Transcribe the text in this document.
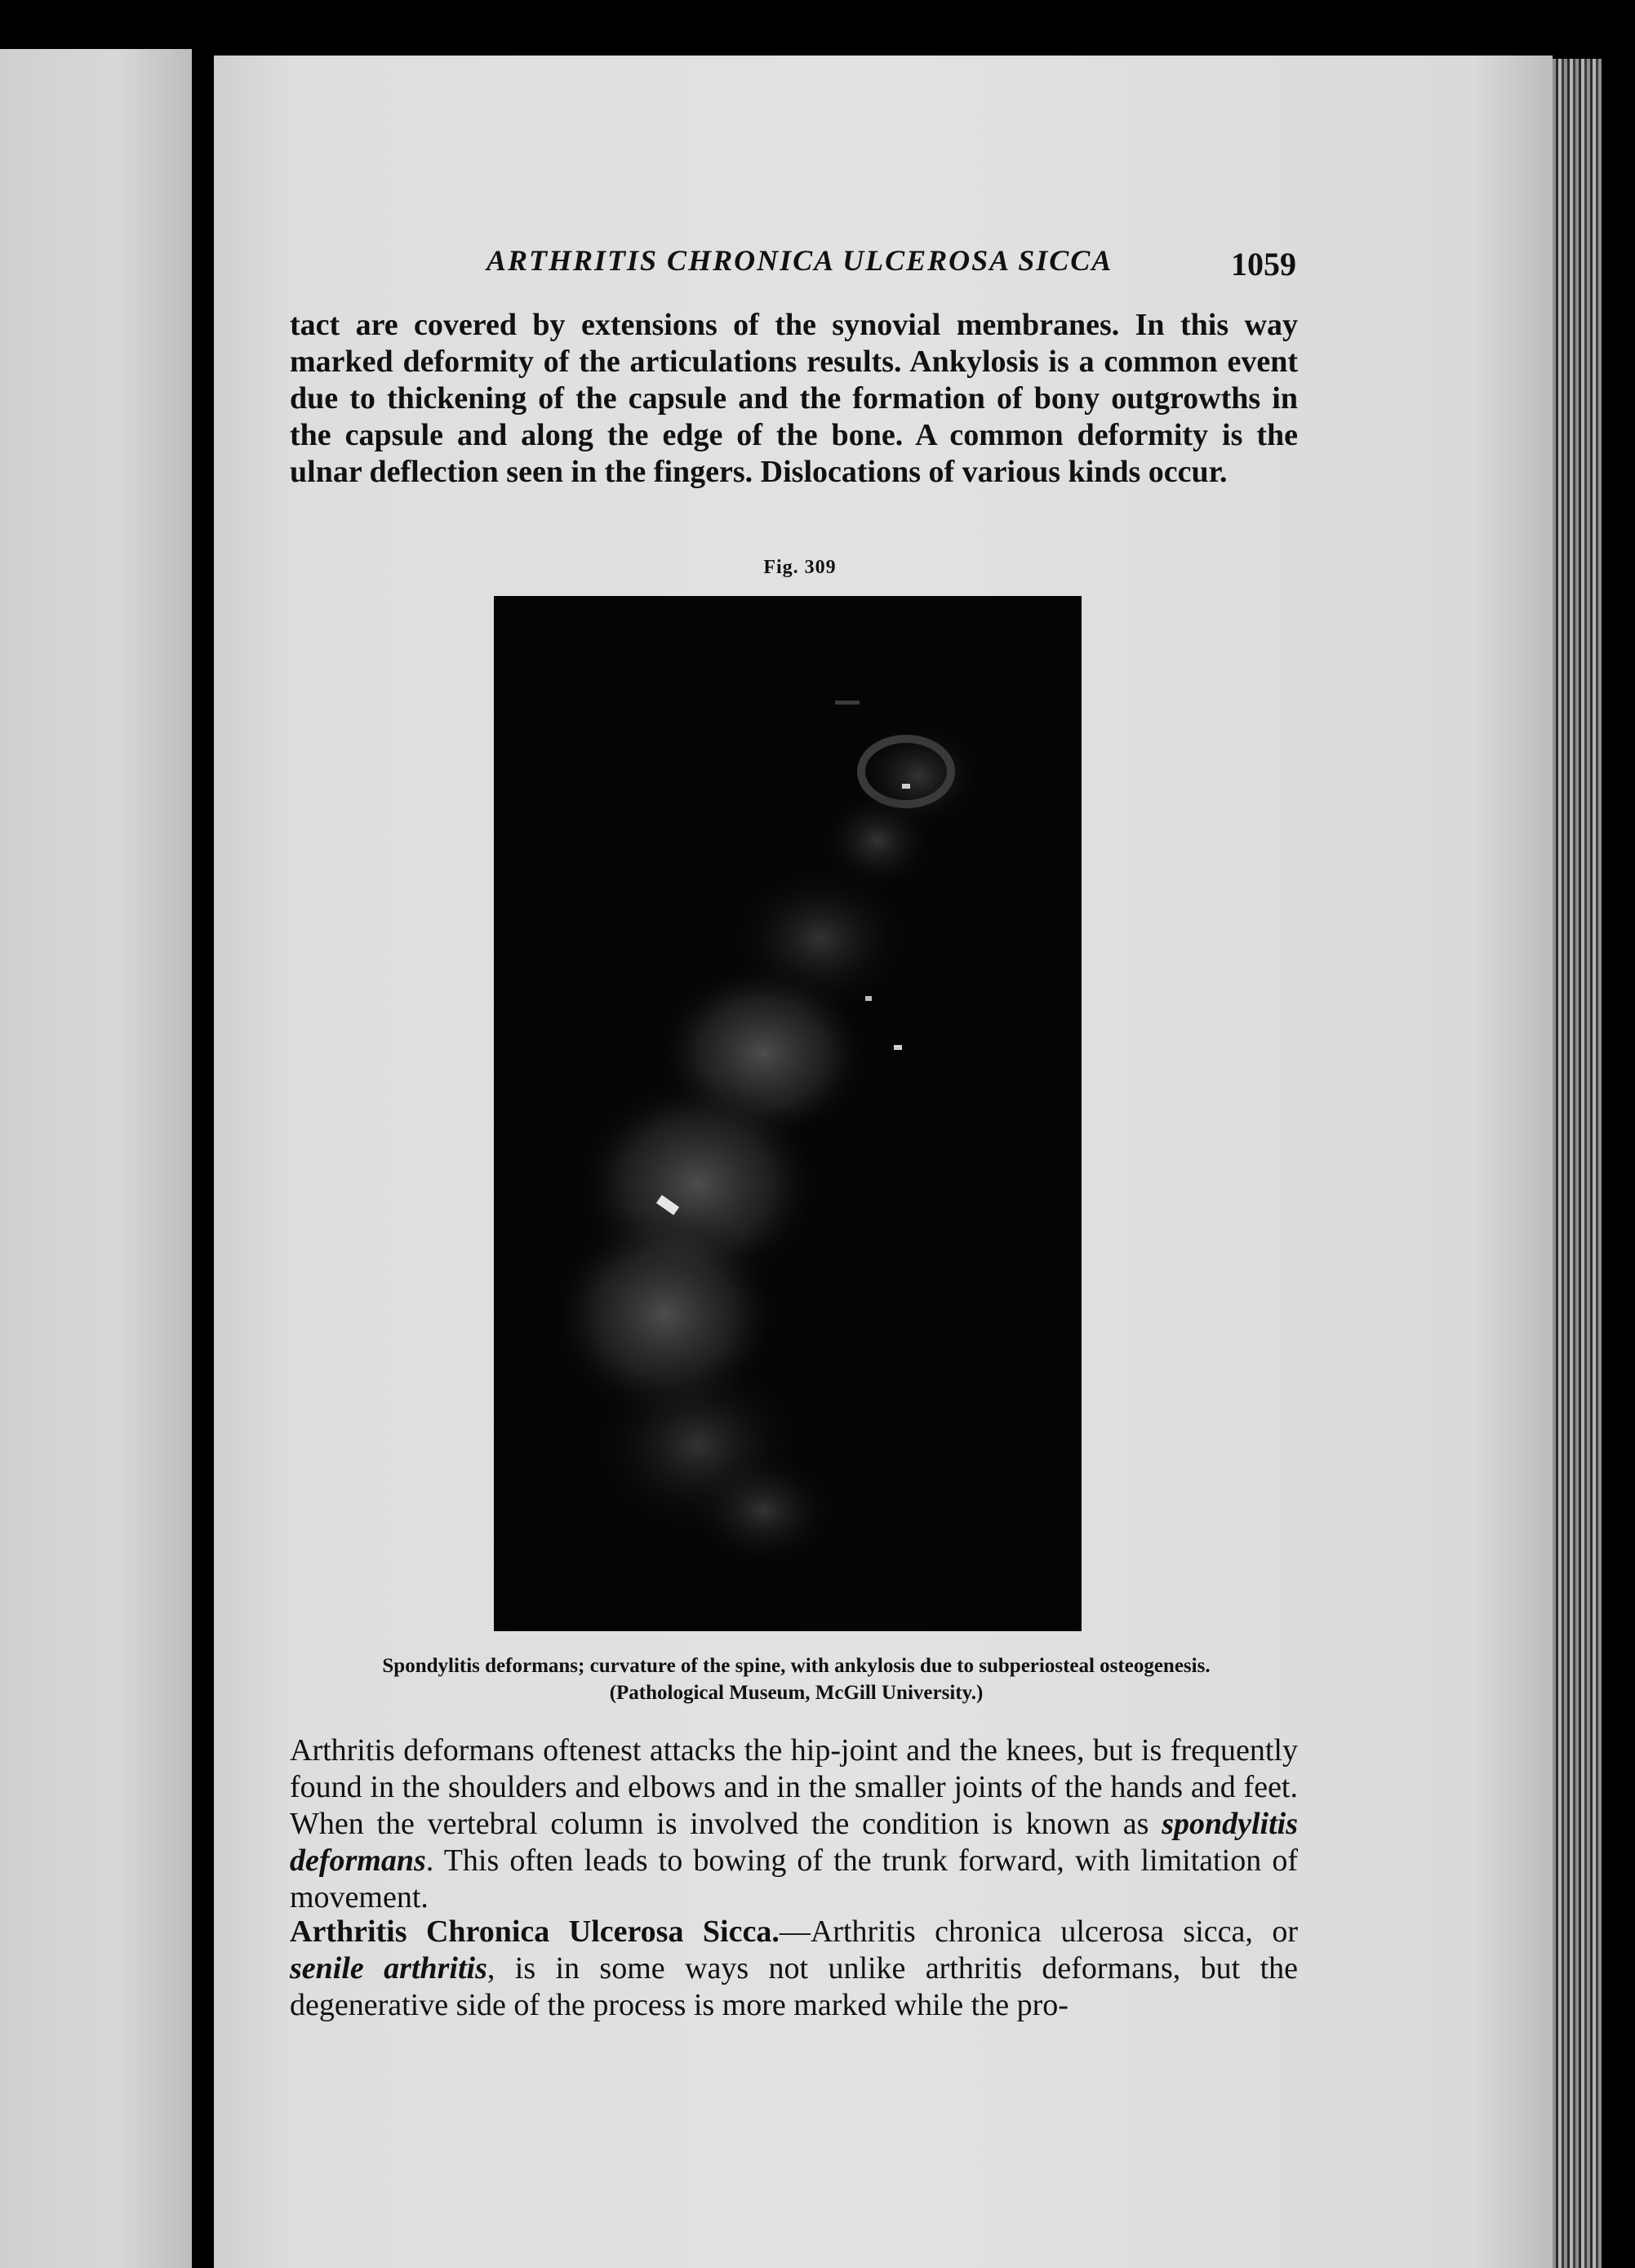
ARTHRITIS CHRONICA ULCEROSA SICCA	1059

tact are covered by extensions of the synovial membranes. In this way marked deformity of the articulations results. Ankylosis is a common event due to thickening of the capsule and the formation of bony outgrowths in the capsule and along the edge of the bone. A common deformity is the ulnar deflection seen in the fingers. Dislocations of various kinds occur.

Fig. 309

Spondylitis deformans; curvature of the spine, with ankylosis due to subperiosteal osteogenesis. (Pathological Museum, McGill University.)

Arthritis deformans oftenest attacks the hip-joint and the knees, but is frequently found in the shoulders and elbows and in the smaller joints of the hands and feet. When the vertebral column is involved the condition is known as spondylitis deformans. This often leads to bowing of the trunk forward, with limitation of movement.

Arthritis Chronica Ulcerosa Sicca.—Arthritis chronica ulcerosa sicca, or senile arthritis, is in some ways not unlike arthritis deformans, but the degenerative side of the process is more marked while the pro-
